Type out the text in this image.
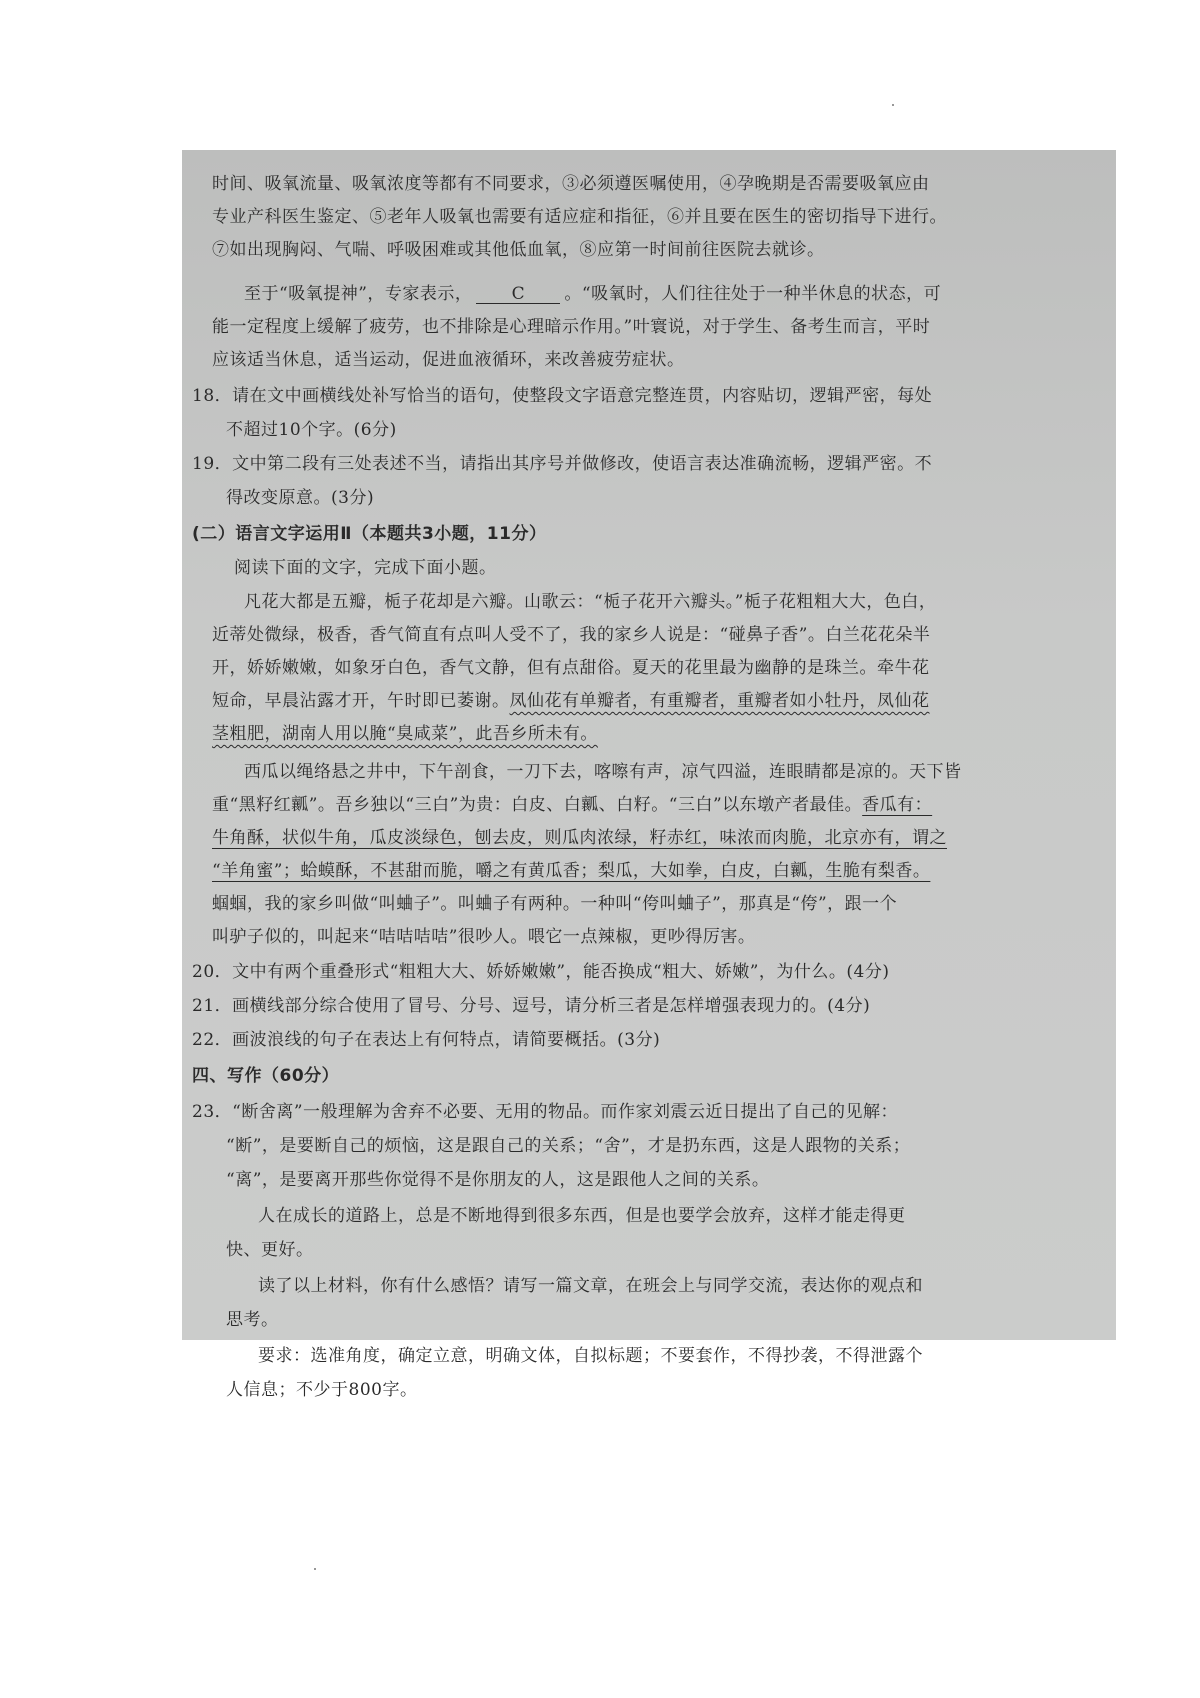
时间、吸氧流量、吸氧浓度等都有不同要求，③必须遵医嘱使用，④孕晚期是否需要吸氧应由
专业产科医生鉴定、⑤老年人吸氧也需要有适应症和指征，⑥并且要在医生的密切指导下进行。
⑦如出现胸闷、气喘、呼吸困难或其他低血氧，⑧应第一时间前往医院去就诊。
至于“吸氧提神”，专家表示， C 。“吸氧时，人们往往处于一种半休息的状态，可
能一定程度上缓解了疲劳，也不排除是心理暗示作用。”叶寰说，对于学生、备考生而言，平时
应该适当休息，适当运动，促进血液循环，来改善疲劳症状。
18．请在文中画横线处补写恰当的语句，使整段文字语意完整连贯，内容贴切，逻辑严密，每处
不超过10个字。(6分)
19．文中第二段有三处表述不当，请指出其序号并做修改，使语言表达准确流畅，逻辑严密。不
得改变原意。(3分)
(二）语言文字运用Ⅱ（本题共3小题，11分）
阅读下面的文字，完成下面小题。
凡花大都是五瓣，栀子花却是六瓣。山歌云：“栀子花开六瓣头。”栀子花粗粗大大，色白，
近蒂处微绿，极香，香气简直有点叫人受不了，我的家乡人说是：“碰鼻子香”。白兰花花朵半
开，娇娇嫩嫩，如象牙白色，香气文静，但有点甜俗。夏天的花里最为幽静的是珠兰。牵牛花
短命，早晨沾露才开，午时即已萎谢。凤仙花有单瓣者，有重瓣者，重瓣者如小牡丹，凤仙花
茎粗肥，湖南人用以腌“臭咸菜”，此吾乡所未有。
西瓜以绳络悬之井中，下午剖食，一刀下去，喀嚓有声，凉气四溢，连眼睛都是凉的。天下皆
重“黑籽红瓤”。吾乡独以“三白”为贵：白皮、白瓤、白籽。“三白”以东墩产者最佳。香瓜有：
牛角酥，状似牛角，瓜皮淡绿色，刨去皮，则瓜肉浓绿，籽赤红，味浓而肉脆，北京亦有，谓之
“羊角蜜”；蛤蟆酥，不甚甜而脆，嚼之有黄瓜香；梨瓜，大如拳，白皮，白瓤，生脆有梨香。
蝈蝈，我的家乡叫做“叫蛐子”。叫蛐子有两种。一种叫“侉叫蛐子”，那真是“侉”，跟一个
叫驴子似的，叫起来“咭咭咭咭”很吵人。喂它一点辣椒，更吵得厉害。
20．文中有两个重叠形式“粗粗大大、娇娇嫩嫩”，能否换成“粗大、娇嫩”，为什么。(4分)
21．画横线部分综合使用了冒号、分号、逗号，请分析三者是怎样增强表现力的。(4分)
22．画波浪线的句子在表达上有何特点，请简要概括。(3分)
四、写作（60分）
23．“断舍离”一般理解为舍弃不必要、无用的物品。而作家刘震云近日提出了自己的见解：
“断”，是要断自己的烦恼，这是跟自己的关系；“舍”，才是扔东西，这是人跟物的关系；
“离”，是要离开那些你觉得不是你朋友的人，这是跟他人之间的关系。
人在成长的道路上，总是不断地得到很多东西，但是也要学会放弃，这样才能走得更
快、更好。
读了以上材料，你有什么感悟？请写一篇文章，在班会上与同学交流，表达你的观点和
思考。
要求：选准角度，确定立意，明确文体，自拟标题；不要套作，不得抄袭，不得泄露个
人信息；不少于800字。
